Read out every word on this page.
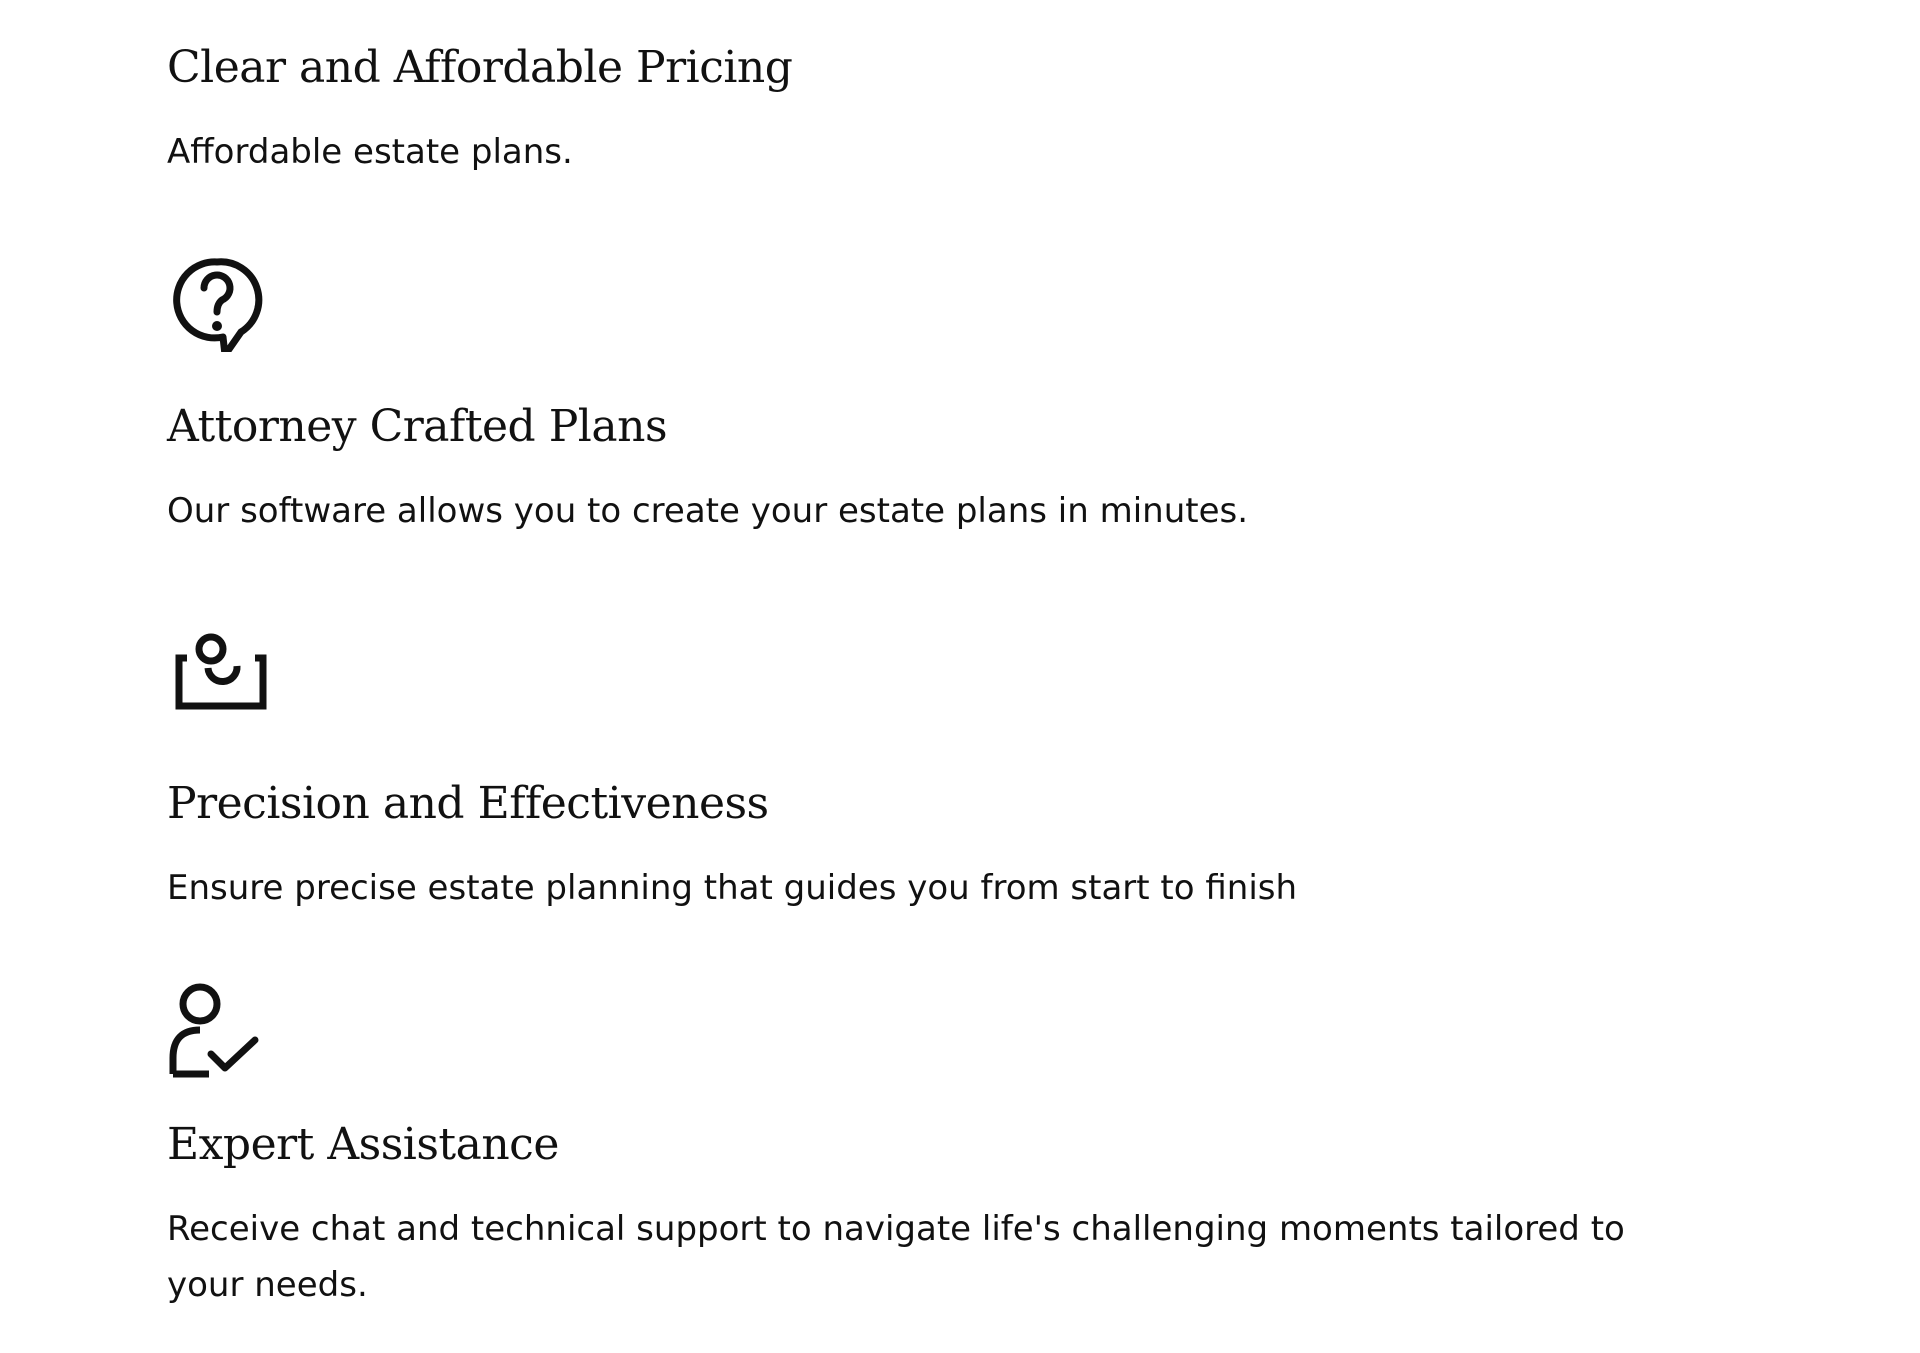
Clear and Affordable Pricing

Affordable estate plans.

Attorney Crafted Plans

Our software allows you to create your estate plans in minutes.

Precision and Effectiveness

Ensure precise estate planning that guides you from start to finish

Expert Assistance

Receive chat and technical support to navigate life's challenging moments tailored to your needs.
